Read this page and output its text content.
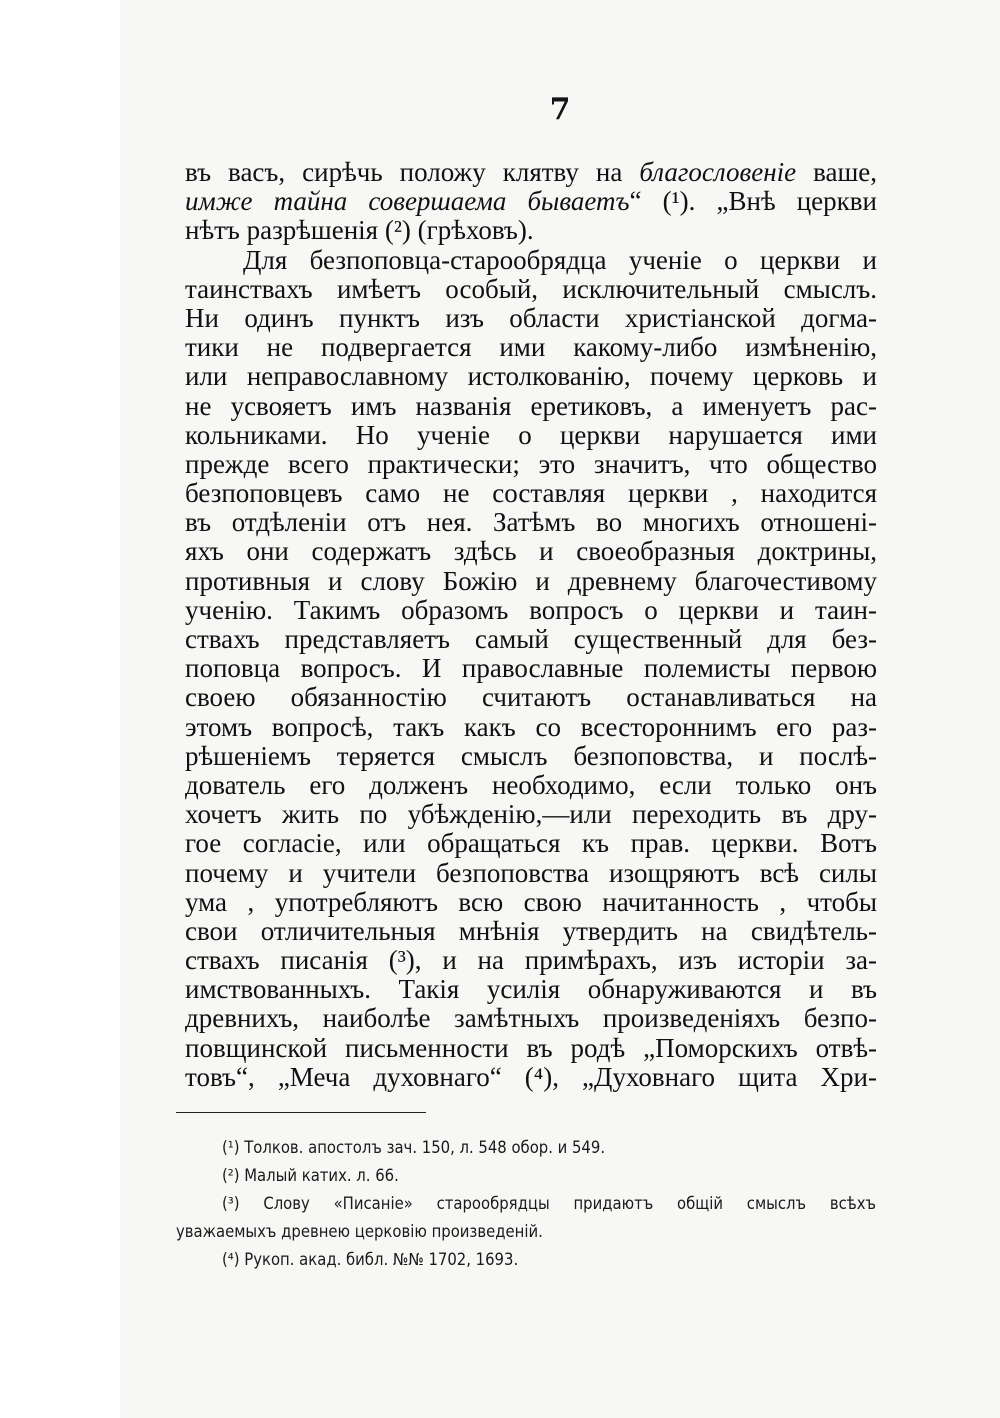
7
въ васъ, сирѣчь положу клятву на благословеніе ваше,
имже тайна совершаема бываетъ“ (¹). „Внѣ церкви
нѣтъ разрѣшенія (²) (грѣховъ).
Для безпоповца-старообрядца ученіе о церкви и
таинствахъ имѣетъ особый, исключительный смыслъ.
Ни одинъ пунктъ изъ области христіанской догма-
тики не подвергается ими какому-либо измѣненію,
или неправославному истолкованію, почему церковь и
не усвояетъ имъ названія еретиковъ, а именуетъ рас-
кольниками. Но ученіе о церкви нарушается ими
прежде всего практически; это значитъ, что общество
безпоповцевъ само не составляя церкви , находится
въ отдѣленіи отъ нея. Затѣмъ во многихъ отношені-
яхъ они содержатъ здѣсь и своеобразныя доктрины,
противныя и слову Божію и древнему благочестивому
ученію. Такимъ образомъ вопросъ о церкви и таин-
ствахъ представляетъ самый существенный для без-
поповца вопросъ. И православные полемисты первою
своею обязанностію считаютъ останавливаться на
этомъ вопросѣ, такъ какъ со всестороннимъ его раз-
рѣшеніемъ теряется смыслъ безпоповства, и послѣ-
дователь его долженъ необходимо, если только онъ
хочетъ жить по убѣжденію,—или переходить въ дру-
гое согласіе, или обращаться къ прав. церкви. Вотъ
почему и учители безпоповства изощряютъ всѣ силы
ума , употребляютъ всю свою начитанность , чтобы
свои отличительныя мнѣнія утвердить на свидѣтель-
ствахъ писанія (³), и на примѣрахъ, изъ исторіи за-
имствованныхъ. Такія усилія обнаруживаются и въ
древнихъ, наиболѣе замѣтныхъ произведеніяхъ безпо-
повщинской письменности въ родѣ „Поморскихъ отвѣ-
товъ“, „Меча духовнаго“ (⁴), „Духовнаго щита Хри-
(¹) Толков. апостолъ зач. 150, л. 548 обор. и 549.
(²) Малый катих. л. 66.
(³) Слову «Писаніе» старообрядцы придаютъ общій смыслъ всѣхъ
уважаемыхъ древнею церковію произведеній.
(⁴) Рукоп. акад. библ. №№ 1702, 1693.
